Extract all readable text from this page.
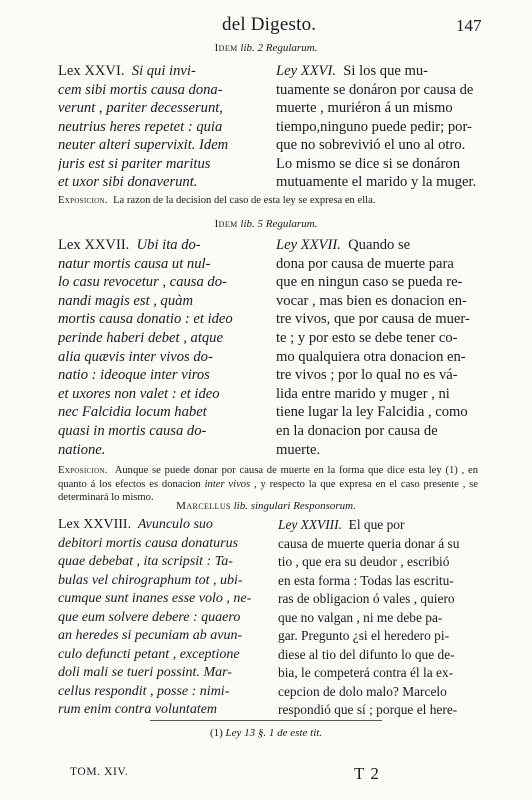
del Digesto.	147
Idem lib. 2 Regularum.
Lex XXVI. Si qui invi-
cem sibi mortis causa dona-
verunt , pariter decesserunt,
neutrius heres repetet : quia
neuter alteri supervixit. Idem
juris est si pariter maritus
et uxor sibi donaverunt.
Ley XXVI. Si los que mu-
tuamente se donáron por causa de
muerte , muriéron á un mismo
tiempo,ninguno puede pedir; por-
que no sobrevivió el uno al otro.
Lo mismo se dice si se donáron
mutuamente el marido y la muger.
Exposicion. La razon de la decision del caso de esta ley se expresa en ella.
Idem lib. 5 Regularum.
Lex XXVII. Ubi ita do-
natur mortis causa ut nul-
lo casu revocetur , causa do-
nandi magis est , quàm
mortis causa donatio : et ideo
perinde haberi debet , atque
alia quævis inter vivos do-
natio : ideoque inter viros
et uxores non valet : et ideo
nec Falcidia locum habet
quasi in mortis causa do-
natione.
Ley XXVII. Quando se
dona por causa de muerte para
que en ningun caso se pueda re-
vocar , mas bien es donacion en-
tre vivos, que por causa de muer-
te ; y por esto se debe tener co-
mo qualquiera otra donacion en-
tre vivos ; por lo qual no es vá-
lida entre marido y muger , ni
tiene lugar la ley Falcidia , como
en la donacion por causa de
muerte.
Exposicion. Aunque se puede donar por causa de muerte en la forma que dice esta ley (1) , en quanto á los efectos es donacion inter vivos , y respecto la que expresa en el caso presente , se determinará lo mismo.
Marcellus lib. singulari Responsorum.
Lex XXVIII. Avunculo suo
debitori mortis causa donaturus
quae debebat , ita scripsit : Ta-
bulas vel chirographum tot , ubi-
cumque sunt inanes esse volo , ne-
que eum solvere debere : quaero
an heredes si pecuniam ab avun-
culo defuncti petant , exceptione
doli mali se tueri possint. Mar-
cellus respondit , posse : nimi-
rum enim contra voluntatem
Ley XXVIII. El que por
causa de muerte queria donar á su
tio , que era su deudor , escribió
en esta forma : Todas las escritu-
ras de obligacion ó vales , quiero
que no valgan , ni me debe pa-
gar. Pregunto ¿si el heredero pi-
diese al tio del difunto lo que de-
bia, le competerá contra él la ex-
cepcion de dolo malo? Marcelo
respondió que sí ; porque el here-
(1) Ley 13 §. 1 de este tit.
TOM. XIV.	T 2
